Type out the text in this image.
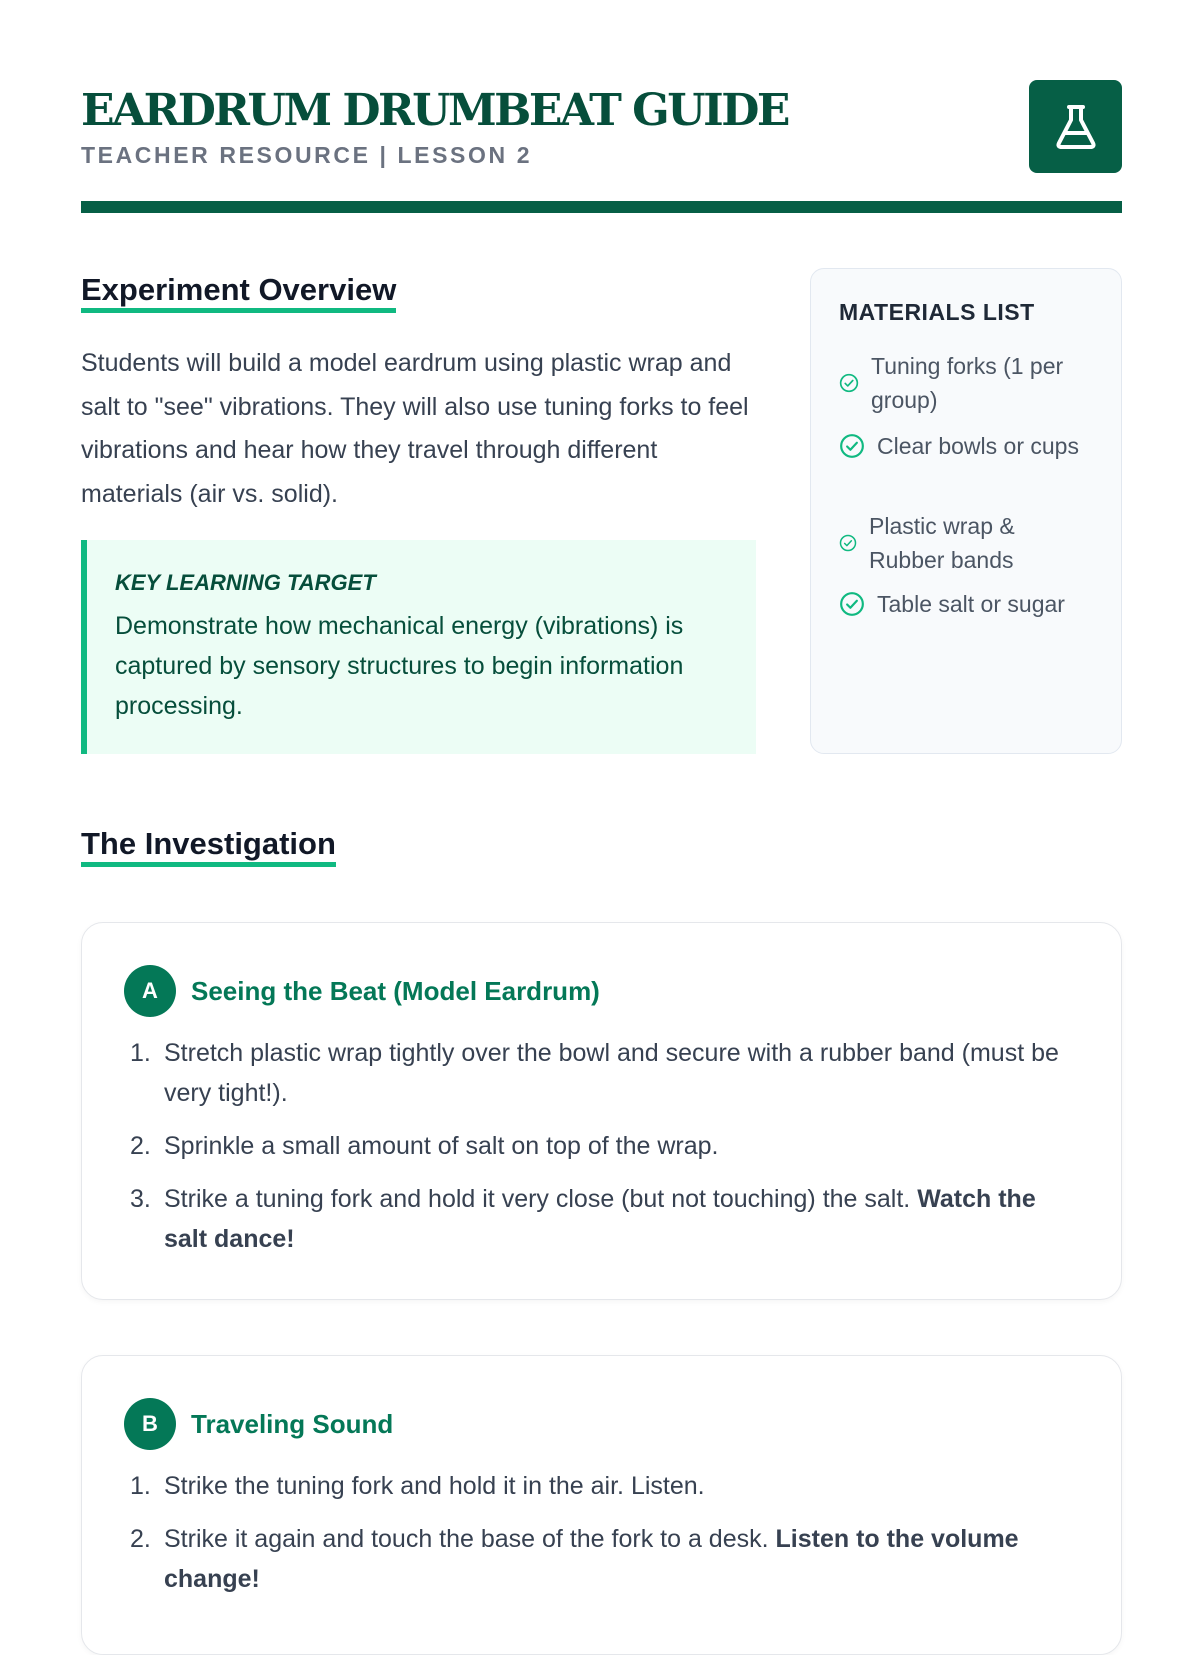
EARDRUM DRUMBEAT GUIDE
TEACHER RESOURCE | LESSON 2
Experiment Overview
Students will build a model eardrum using plastic wrap and salt to "see" vibrations. They will also use tuning forks to feel vibrations and hear how they travel through different materials (air vs. solid).
KEY LEARNING TARGET
Demonstrate how mechanical energy (vibrations) is captured by sensory structures to begin information processing.
MATERIALS LIST
Tuning forks (1 per group)
Clear bowls or cups
Plastic wrap & Rubber bands
Table salt or sugar
The Investigation
A	Seeing the Beat (Model Eardrum)
1. Stretch plastic wrap tightly over the bowl and secure with a rubber band (must be very tight!).
2. Sprinkle a small amount of salt on top of the wrap.
3. Strike a tuning fork and hold it very close (but not touching) the salt. Watch the salt dance!
B	Traveling Sound
1. Strike the tuning fork and hold it in the air. Listen.
2. Strike it again and touch the base of the fork to a desk. Listen to the volume change!
